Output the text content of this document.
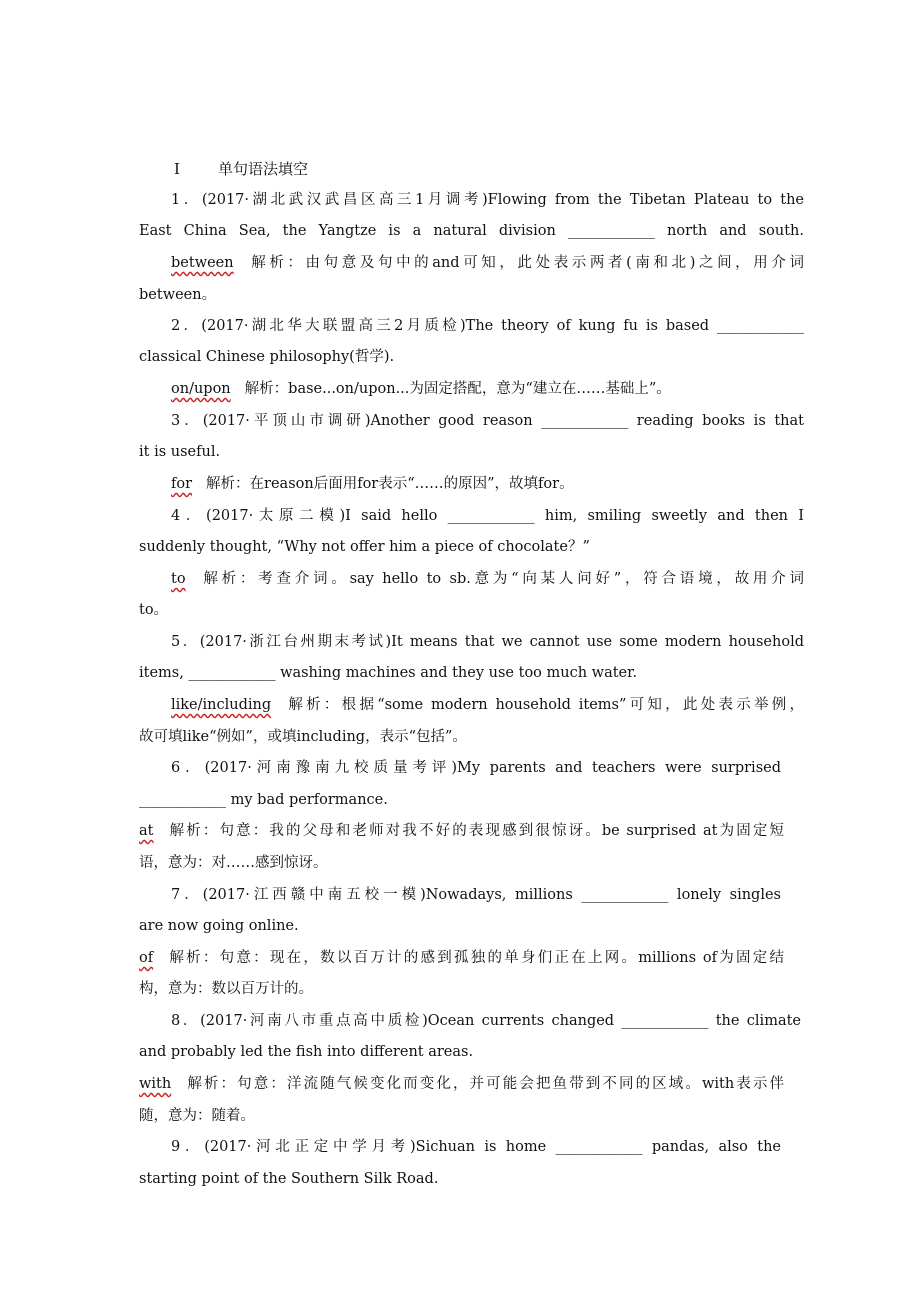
Ⅰ	单句语法填空
1．(2017·湖北武汉武昌区高三1月调考)Flowing from the Tibetan Plateau to the
East China Sea, the Yangtze is a natural division ____________ north and south.
between 解析：由句意及句中的and可知，此处表示两者(南和北)之间，用介词
between。
2．(2017·湖北华大联盟高三2月质检)The theory of kung fu is based ____________
classical Chinese philosophy(哲学).
on/upon 解析：base...on/upon...为固定搭配，意为“建立在……基础上”。
3．(2017·平顶山市调研)Another good reason ____________ reading books is that
it is useful.
for 解析：在reason后面用for表示“……的原因”，故填for。
4．(2017·太原二模)I said hello ____________ him, smiling sweetly and then I
suddenly thought, “Why not offer him a piece of chocolate？”
to 解析：考查介词。say hello to sb.意为“向某人问好”，符合语境，故用介词
to。
5．(2017·浙江台州期末考试)It means that we cannot use some modern household
items, ____________ washing machines and they use too much water.
like/including 解析：根据“some modern household items”可知，此处表示举例，
故可填like“例如”，或填including，表示“包括”。
6．(2017·河南豫南九校质量考评)My parents and teachers were surprised
____________ my bad performance.
at 解析：句意：我的父母和老师对我不好的表现感到很惊讶。be surprised at为固定短
语，意为：对……感到惊讶。
7．(2017·江西赣中南五校一模)Nowadays, millions ____________ lonely singles
are now going online.
of 解析：句意：现在，数以百万计的感到孤独的单身们正在上网。millions of为固定结
构，意为：数以百万计的。
8．(2017·河南八市重点高中质检)Ocean currents changed ____________ the climate
and probably led the fish into different areas.
with 解析：句意：洋流随气候变化而变化，并可能会把鱼带到不同的区域。with表示伴
随，意为：随着。
9．(2017·河北正定中学月考)Sichuan is home ____________ pandas, also the
starting point of the Southern Silk Road.
